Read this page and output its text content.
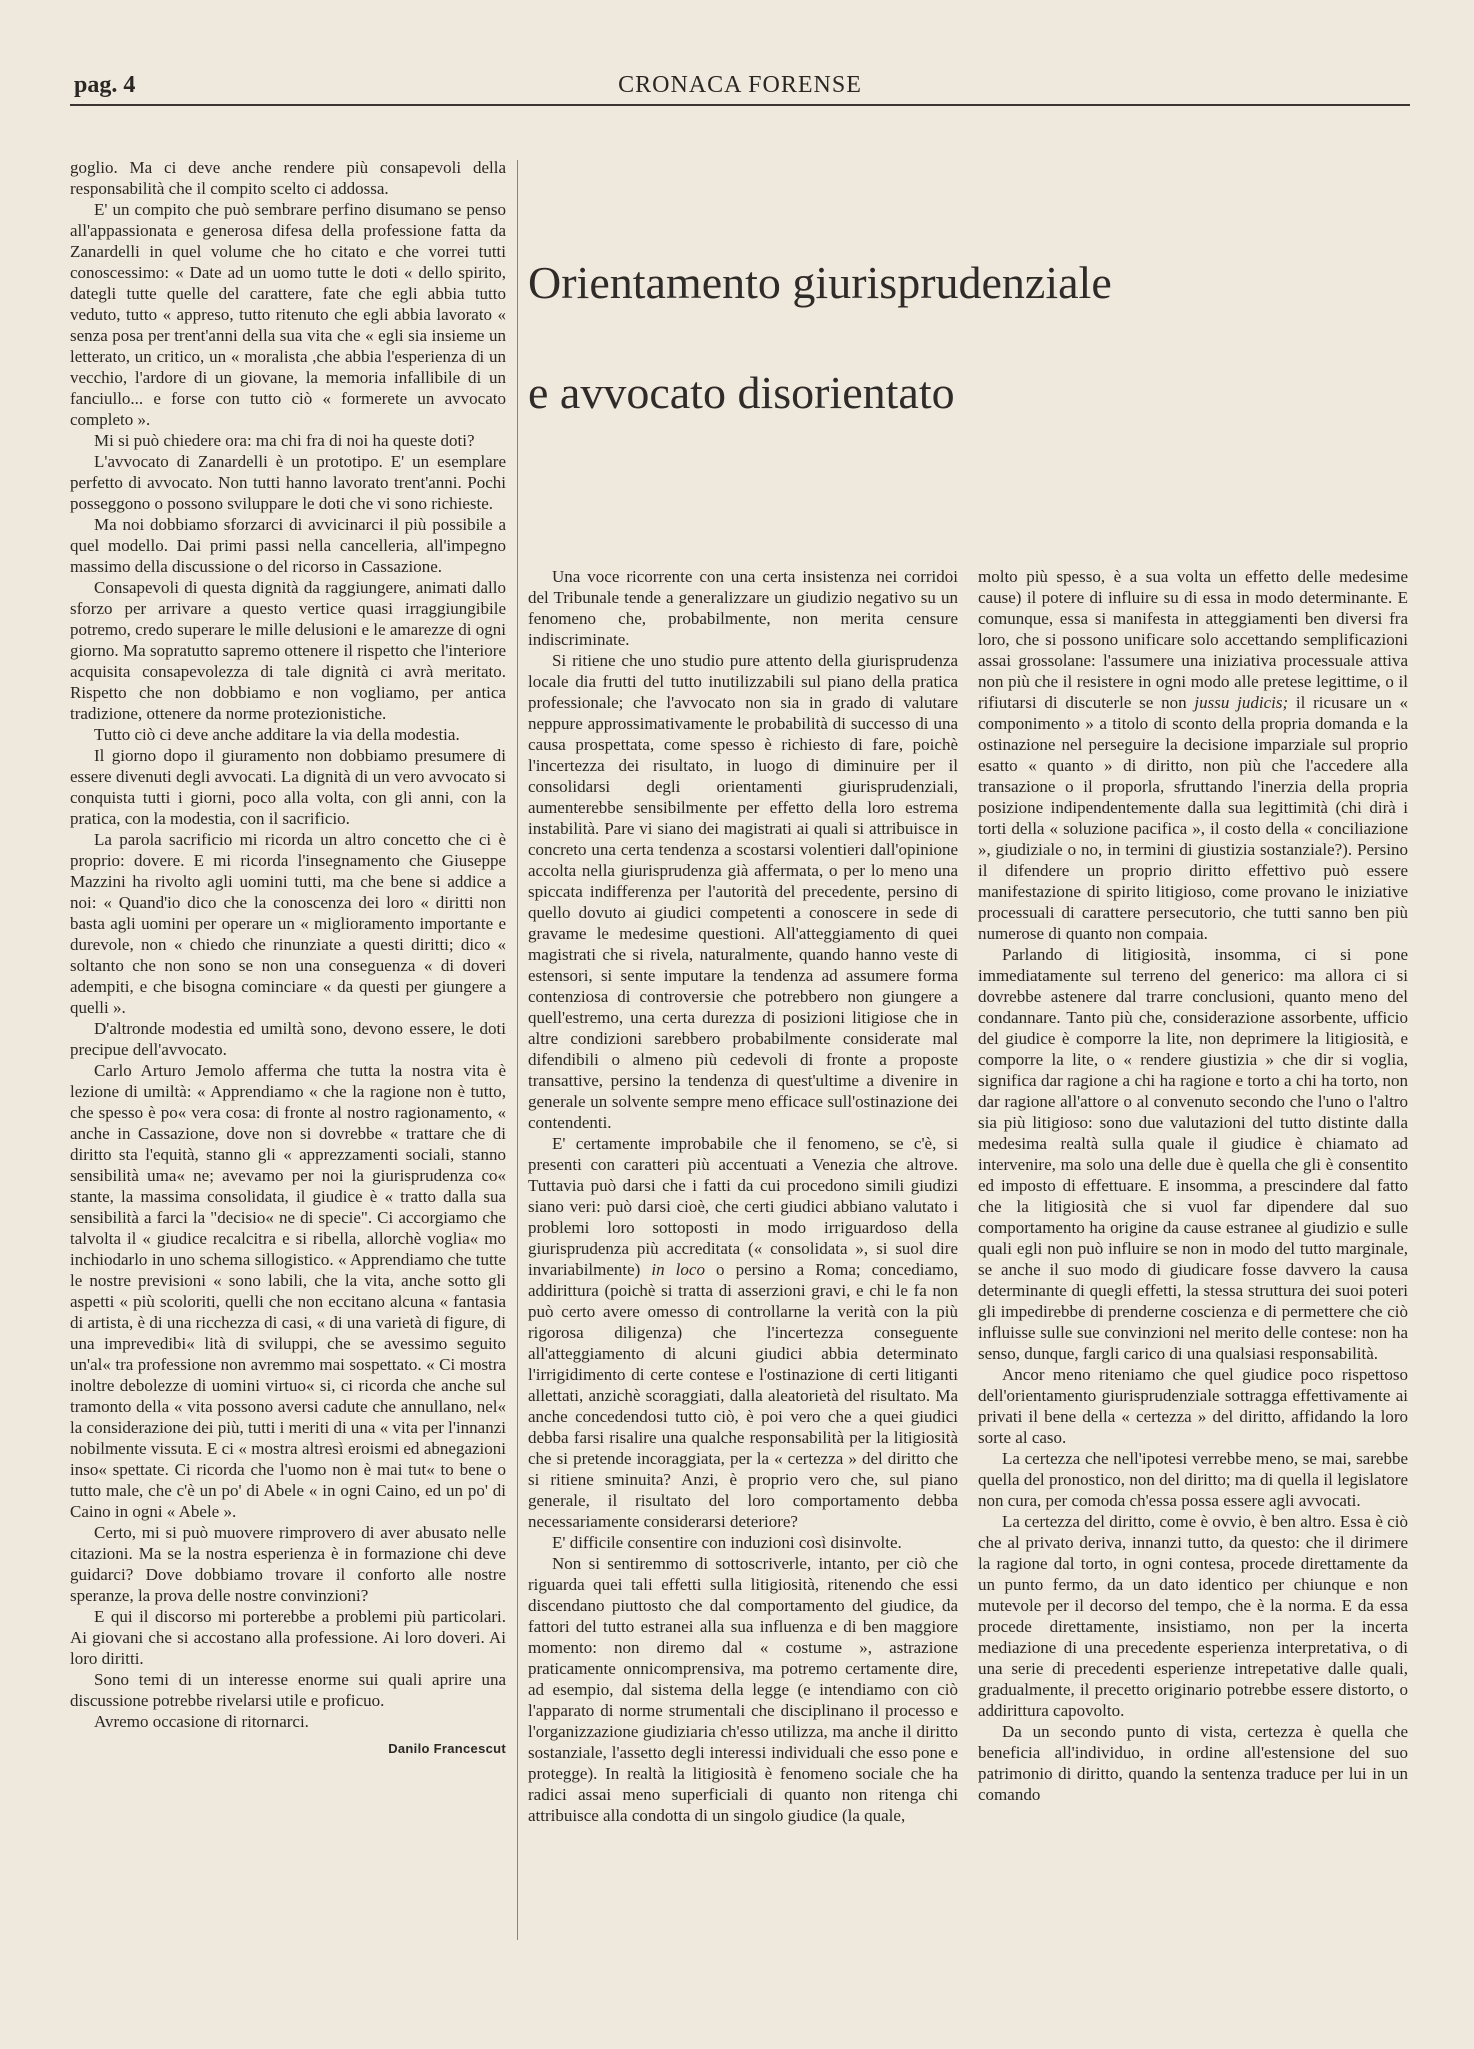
pag. 4	CRONACA FORENSE

goglio. Ma ci deve anche rendere più consapevoli della responsabilità che il compito scelto ci addossa.

E' un compito che può sembrare perfino disumano se penso all'appassionata e generosa difesa della professione fatta da Zanardelli in quel volume che ho citato e che vorrei tutti conoscessimo: « Date ad un uomo tutte le doti « dello spirito, dategli tutte quelle del carattere, fate che egli abbia tutto veduto, tutto « appreso, tutto ritenuto che egli abbia lavorato « senza posa per trent'anni della sua vita che « egli sia insieme un letterato, un critico, un « moralista ,che abbia l'esperienza di un vecchio, l'ardore di un giovane, la memoria infallibile di un fanciullo... e forse con tutto ciò « formerete un avvocato completo ».

Mi si può chiedere ora: ma chi fra di noi ha queste doti?

L'avvocato di Zanardelli è un prototipo. E' un esemplare perfetto di avvocato. Non tutti hanno lavorato trent'anni. Pochi posseggono o possono sviluppare le doti che vi sono richieste.

Ma noi dobbiamo sforzarci di avvicinarci il più possibile a quel modello. Dai primi passi nella cancelleria, all'impegno massimo della discussione o del ricorso in Cassazione.

Consapevoli di questa dignità da raggiungere, animati dallo sforzo per arrivare a questo vertice quasi irraggiungibile potremo, credo superare le mille delusioni e le amarezze di ogni giorno. Ma sopratutto sapremo ottenere il rispetto che l'interiore acquisita consapevolezza di tale dignità ci avrà meritato. Rispetto che non dobbiamo e non vogliamo, per antica tradizione, ottenere da norme protezionistiche.

Tutto ciò ci deve anche additare la via della modestia.

Il giorno dopo il giuramento non dobbiamo presumere di essere divenuti degli avvocati. La dignità di un vero avvocato si conquista tutti i giorni, poco alla volta, con gli anni, con la pratica, con la modestia, con il sacrificio.

La parola sacrificio mi ricorda un altro concetto che ci è proprio: dovere. E mi ricorda l'insegnamento che Giuseppe Mazzini ha rivolto agli uomini tutti, ma che bene si addice a noi: « Quand'io dico che la conoscenza dei loro « diritti non basta agli uomini per operare un « miglioramento importante e durevole, non « chiedo che rinunziate a questi diritti; dico « soltanto che non sono se non una conseguenza « di doveri adempiti, e che bisogna cominciare « da questi per giungere a quelli ».

D'altronde modestia ed umiltà sono, devono essere, le doti precipue dell'avvocato.

Carlo Arturo Jemolo afferma che tutta la nostra vita è lezione di umiltà: « Apprendiamo « che la ragione non è tutto, che spesso è po« vera cosa: di fronte al nostro ragionamento, « anche in Cassazione, dove non si dovrebbe « trattare che di diritto sta l'equità, stanno gli « apprezzamenti sociali, stanno sensibilità uma« ne; avevamo per noi la giurisprudenza co« stante, la massima consolidata, il giudice è « tratto dalla sua sensibilità a farci la "decisio« ne di specie". Ci accorgiamo che talvolta il « giudice recalcitra e si ribella, allorchè voglia« mo inchiodarlo in uno schema sillogistico. « Apprendiamo che tutte le nostre previsioni « sono labili, che la vita, anche sotto gli aspetti « più scoloriti, quelli che non eccitano alcuna « fantasia di artista, è di una ricchezza di casi, « di una varietà di figure, di una imprevedibi« lità di sviluppi, che se avessimo seguito un'al« tra professione non avremmo mai sospettato. « Ci mostra inoltre debolezze di uomini virtuo« si, ci ricorda che anche sul tramonto della « vita possono aversi cadute che annullano, nel« la considerazione dei più, tutti i meriti di una « vita per l'innanzi nobilmente vissuta. E ci « mostra altresì eroismi ed abnegazioni inso« spettate. Ci ricorda che l'uomo non è mai tut« to bene o tutto male, che c'è un po' di Abele « in ogni Caino, ed un po' di Caino in ogni « Abele ».

Certo, mi si può muovere rimprovero di aver abusato nelle citazioni. Ma se la nostra esperienza è in formazione chi deve guidarci? Dove dobbiamo trovare il conforto alle nostre speranze, la prova delle nostre convinzioni?

E qui il discorso mi porterebbe a problemi più particolari. Ai giovani che si accostano alla professione. Ai loro doveri. Ai loro diritti.

Sono temi di un interesse enorme sui quali aprire una discussione potrebbe rivelarsi utile e proficuo.

Avremo occasione di ritornarci.

Danilo Francescut
Orientamento giurisprudenziale
e avvocato disorientato

Una voce ricorrente con una certa insistenza nei corridoi del Tribunale tende a generalizzare un giudizio negativo su un fenomeno che, probabilmente, non merita censure indiscriminate.

Si ritiene che uno studio pure attento della giurisprudenza locale dia frutti del tutto inutilizzabili sul piano della pratica professionale; che l'avvocato non sia in grado di valutare neppure approssimativamente le probabilità di successo di una causa prospettata, come spesso è richiesto di fare, poichè l'incertezza dei risultato, in luogo di diminuire per il consolidarsi degli orientamenti giurisprudenziali, aumenterebbe sensibilmente per effetto della loro estrema instabilità. Pare vi siano dei magistrati ai quali si attribuisce in concreto una certa tendenza a scostarsi volentieri dall'opinione accolta nella giurisprudenza già affermata, o per lo meno una spiccata indifferenza per l'autorità del precedente, persino di quello dovuto ai giudici competenti a conoscere in sede di gravame le medesime questioni. All'atteggiamento di quei magistrati che si rivela, naturalmente, quando hanno veste di estensori, si sente imputare la tendenza ad assumere forma contenziosa di controversie che potrebbero non giungere a quell'estremo, una certa durezza di posizioni litigiose che in altre condizioni sarebbero probabilmente considerate mal difendibili o almeno più cedevoli di fronte a proposte transattive, persino la tendenza di quest'ultime a divenire in generale un solvente sempre meno efficace sull'ostinazione dei contendenti.

E' certamente improbabile che il fenomeno, se c'è, si presenti con caratteri più accentuati a Venezia che altrove. Tuttavia può darsi che i fatti da cui procedono simili giudizi siano veri: può darsi cioè, che certi giudici abbiano valutato i problemi loro sottoposti in modo irriguardoso della giurisprudenza più accreditata (« consolidata », si suol dire invariabilmente) in loco o persino a Roma; concediamo, addirittura (poichè si tratta di asserzioni gravi, e chi le fa non può certo avere omesso di controllarne la verità con la più rigorosa diligenza) che l'incertezza conseguente all'atteggiamento di alcuni giudici abbia determinato l'irrigidimento di certe contese e l'ostinazione di certi litiganti allettati, anzichè scoraggiati, dalla aleatorietà del risultato. Ma anche concedendosi tutto ciò, è poi vero che a quei giudici debba farsi risalire una qualche responsabilità per la litigiosità che si pretende incoraggiata, per la « certezza » del diritto che si ritiene sminuita? Anzi, è proprio vero che, sul piano generale, il risultato del loro comportamento debba necessariamente considerarsi deteriore?

E' difficile consentire con induzioni così disinvolte.

Non si sentiremmo di sottoscriverle, intanto, per ciò che riguarda quei tali effetti sulla litigiosità, ritenendo che essi discendano piuttosto che dal comportamento del giudice, da fattori del tutto estranei alla sua influenza e di ben maggiore momento: non diremo dal « costume », astrazione praticamente onnicomprensiva, ma potremo certamente dire, ad esempio, dal sistema della legge (e intendiamo con ciò l'apparato di norme strumentali che disciplinano il processo e l'organizzazione giudiziaria ch'esso utilizza, ma anche il diritto sostanziale, l'assetto degli interessi individuali che esso pone e protegge). In realtà la litigiosità è fenomeno sociale che ha radici assai meno superficiali di quanto non ritenga chi attribuisce alla condotta di un singolo giudice (la quale,

molto più spesso, è a sua volta un effetto delle medesime cause) il potere di influire su di essa in modo determinante. E comunque, essa si manifesta in atteggiamenti ben diversi fra loro, che si possono unificare solo accettando semplificazioni assai grossolane: l'assumere una iniziativa processuale attiva non più che il resistere in ogni modo alle pretese legittime, o il rifiutarsi di discuterle se non jussu judicis; il ricusare un « componimento » a titolo di sconto della propria domanda e la ostinazione nel perseguire la decisione imparziale sul proprio esatto « quanto » di diritto, non più che l'accedere alla transazione o il proporla, sfruttando l'inerzia della propria posizione indipendentemente dalla sua legittimità (chi dirà i torti della « soluzione pacifica », il costo della « conciliazione », giudiziale o no, in termini di giustizia sostanziale?). Persino il difendere un proprio diritto effettivo può essere manifestazione di spirito litigioso, come provano le iniziative processuali di carattere persecutorio, che tutti sanno ben più numerose di quanto non compaia.

Parlando di litigiosità, insomma, ci si pone immediatamente sul terreno del generico: ma allora ci si dovrebbe astenere dal trarre conclusioni, quanto meno del condannare. Tanto più che, considerazione assorbente, ufficio del giudice è comporre la lite, non deprimere la litigiosità, e comporre la lite, o « rendere giustizia » che dir si voglia, significa dar ragione a chi ha ragione e torto a chi ha torto, non dar ragione all'attore o al convenuto secondo che l'uno o l'altro sia più litigioso: sono due valutazioni del tutto distinte dalla medesima realtà sulla quale il giudice è chiamato ad intervenire, ma solo una delle due è quella che gli è consentito ed imposto di effettuare. E insomma, a prescindere dal fatto che la litigiosità che si vuol far dipendere dal suo comportamento ha origine da cause estranee al giudizio e sulle quali egli non può influire se non in modo del tutto marginale, se anche il suo modo di giudicare fosse davvero la causa determinante di quegli effetti, la stessa struttura dei suoi poteri gli impedirebbe di prenderne coscienza e di permettere che ciò influisse sulle sue convinzioni nel merito delle contese: non ha senso, dunque, fargli carico di una qualsiasi responsabilità.

Ancor meno riteniamo che quel giudice poco rispettoso dell'orientamento giurisprudenziale sottragga effettivamente ai privati il bene della « certezza » del diritto, affidando la loro sorte al caso.

La certezza che nell'ipotesi verrebbe meno, se mai, sarebbe quella del pronostico, non del diritto; ma di quella il legislatore non cura, per comoda ch'essa possa essere agli avvocati.

La certezza del diritto, come è ovvio, è ben altro. Essa è ciò che al privato deriva, innanzi tutto, da questo: che il dirimere la ragione dal torto, in ogni contesa, procede direttamente da un punto fermo, da un dato identico per chiunque e non mutevole per il decorso del tempo, che è la norma. E da essa procede direttamente, insistiamo, non per la incerta mediazione di una precedente esperienza interpretativa, o di una serie di precedenti esperienze intrepetative dalle quali, gradualmente, il precetto originario potrebbe essere distorto, o addirittura capovolto.

Da un secondo punto di vista, certezza è quella che beneficia all'individuo, in ordine all'estensione del suo patrimonio di diritto, quando la sentenza traduce per lui in un comando
